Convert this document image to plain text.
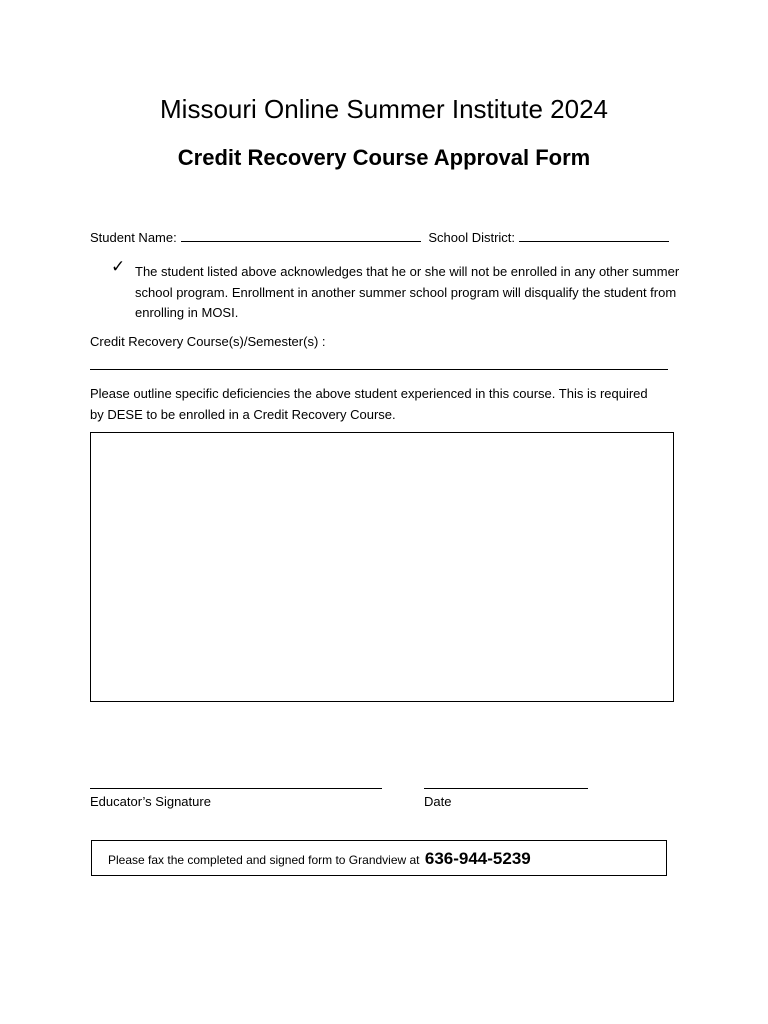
Missouri Online Summer Institute 2024
Credit Recovery Course Approval Form
Student Name:	School District:
✓ The student listed above acknowledges that he or she will not be enrolled in any other summer school program. Enrollment in another summer school program will disqualify the student from enrolling in MOSI.
Credit Recovery Course(s)/Semester(s) :
Please outline specific deficiencies the above student experienced in this course. This is required by DESE to be enrolled in a Credit Recovery Course.
Educator’s Signature	Date
Please fax the completed and signed form to Grandview at 636-944-5239
